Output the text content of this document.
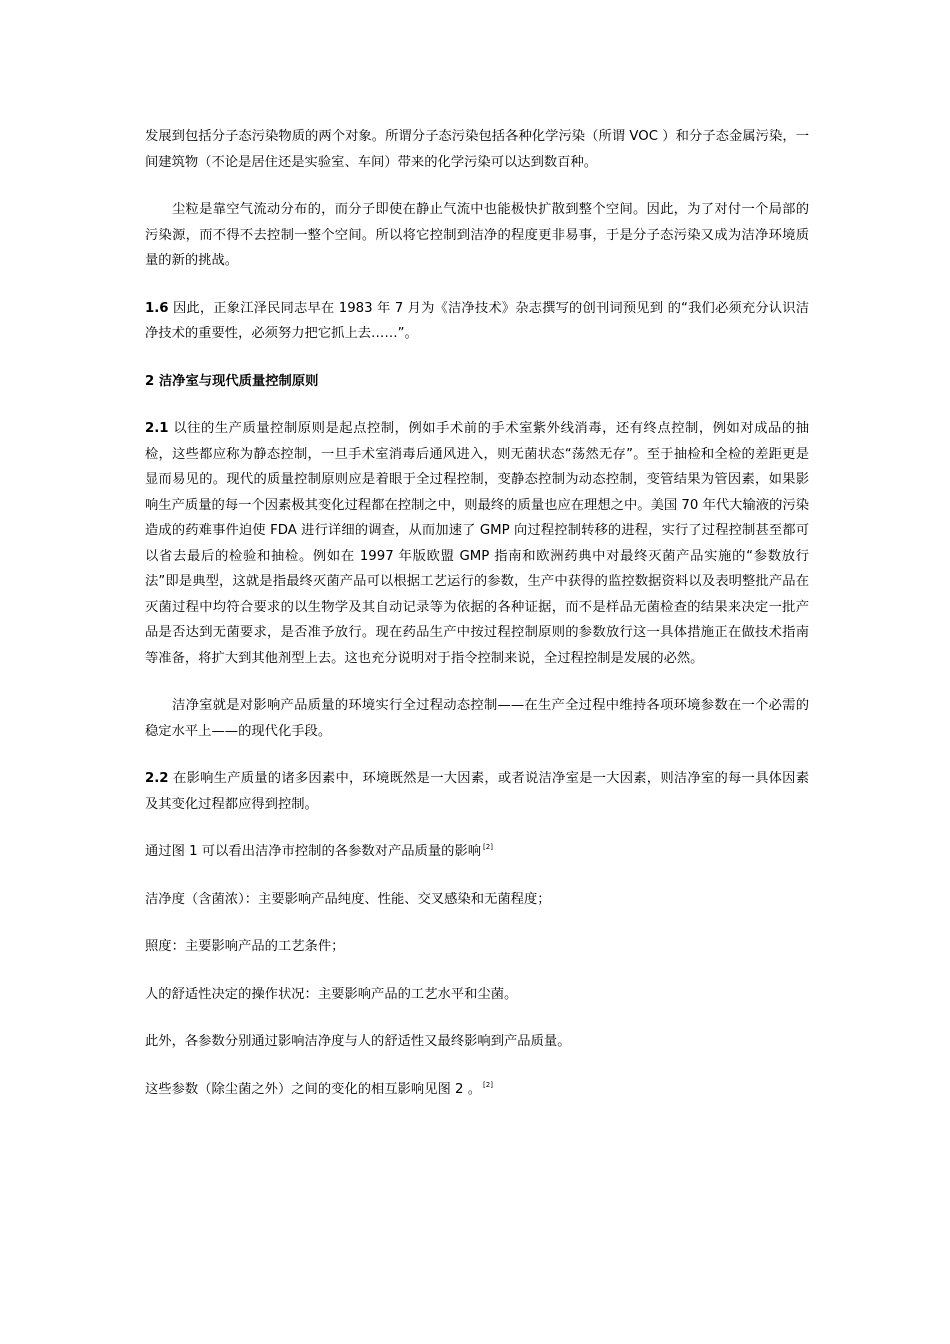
发展到包括分子态污染物质的两个对象。所谓分子态污染包括各种化学污染（所谓 VOC ）和分子态金属污染，一间建筑物（不论是居住还是实验室、车间）带来的化学污染可以达到数百种。

尘粒是靠空气流动分布的，而分子即使在静止气流中也能极快扩散到整个空间。因此，为了对付一个局部的污染源，而不得不去控制一整个空间。所以将它控制到洁净的程度更非易事，于是分子态污染又成为洁净环境质量的新的挑战。

1.6 因此，正象江泽民同志早在 1983 年 7 月为《洁净技术》杂志撰写的创刊词预见到 的“我们必须充分认识洁净技术的重要性，必须努力把它抓上去……”。

2 洁净室与现代质量控制原则

2.1 以往的生产质量控制原则是起点控制，例如手术前的手术室紫外线消毒，还有终点控制，例如对成品的抽检，这些都应称为静态控制，一旦手术室消毒后通风进入，则无菌状态“荡然无存”。至于抽检和全检的差距更是显而易见的。现代的质量控制原则应是着眼于全过程控制，变静态控制为动态控制，变管结果为管因素，如果影响生产质量的每一个因素极其变化过程都在控制之中，则最终的质量也应在理想之中。美国 70 年代大输液的污染造成的药难事件迫使 FDA 进行详细的调查，从而加速了 GMP 向过程控制转移的进程，实行了过程控制甚至都可以省去最后的检验和抽检。例如在 1997 年版欧盟 GMP 指南和欧洲药典中对最终灭菌产品实施的“参数放行法”即是典型，这就是指最终灭菌产品可以根据工艺运行的参数，生产中获得的监控数据资料以及表明整批产品在灭菌过程中均符合要求的以生物学及其自动记录等为依据的各种证据，而不是样品无菌检查的结果来决定一批产品是否达到无菌要求，是否准予放行。现在药品生产中按过程控制原则的参数放行这一具体措施正在做技术指南等准备，将扩大到其他剂型上去。这也充分说明对于指令控制来说，全过程控制是发展的必然。

洁净室就是对影响产品质量的环境实行全过程动态控制——在生产全过程中维持各项环境参数在一个必需的稳定水平上——的现代化手段。

2.2 在影响生产质量的诸多因素中，环境既然是一大因素，或者说洁净室是一大因素，则洁净室的每一具体因素及其变化过程都应得到控制。

通过图 1 可以看出洁净市控制的各参数对产品质量的影响 [2]

洁净度（含菌浓）：主要影响产品纯度、性能、交叉感染和无菌程度；

照度：主要影响产品的工艺条件；

人的舒适性决定的操作状况：主要影响产品的工艺水平和尘菌。

此外，各参数分别通过影响洁净度与人的舒适性又最终影响到产品质量。

这些参数（除尘菌之外）之间的变化的相互影响见图 2 。 [2]
